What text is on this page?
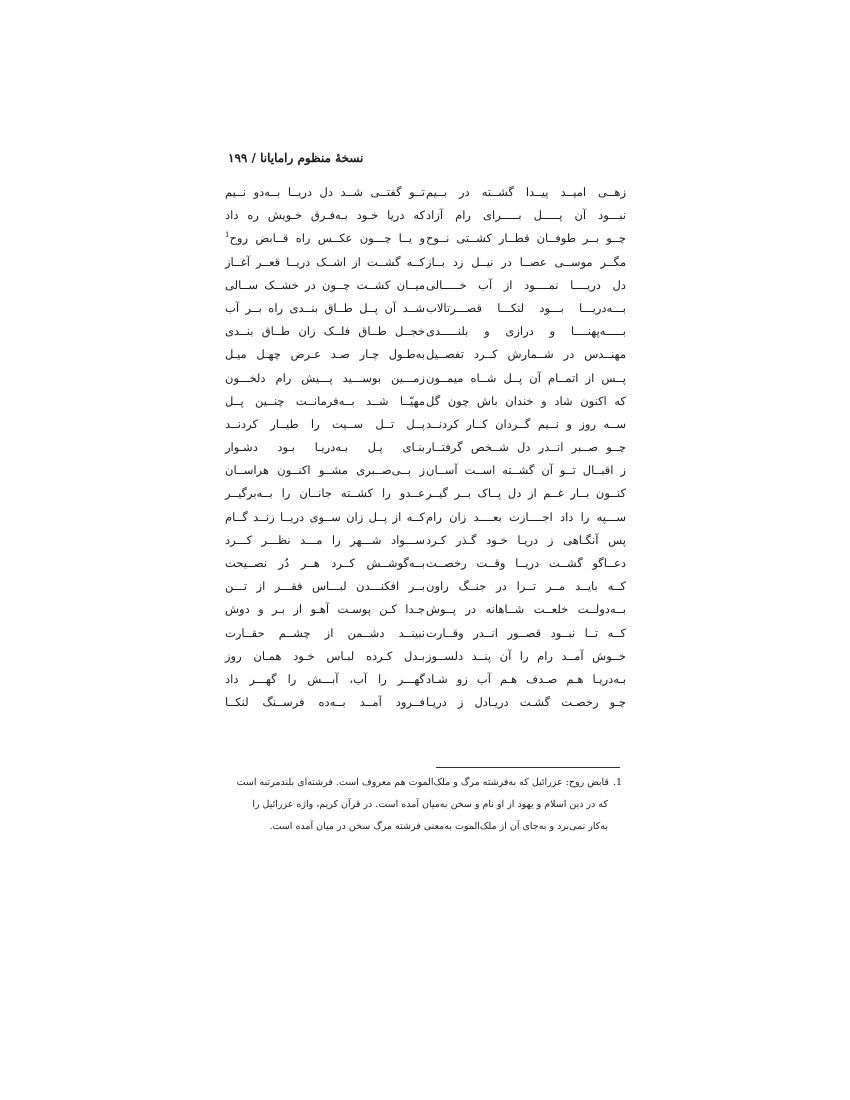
نسخهٔ منظوم رامایانا / ۱۹۹
زهــی امیــد پیــدا گشــته در بــیم
نبـــود آن پـــــل بـــــرای رام آزاد
چــو بــر طوفــان قطــار کشــتی نــوح
مگــر موســی عصــا در نیــل زد بــاز
دل دریــــا نمــــود از آب خـــــالی
بـــه‌دریـــا بـــود لنکـــا قصـــرتالاب
بـــــه‌پهنــــا و درازی و بلنـــــدی
مهنــدس در شــمارش کــرد تفصــیل
پــس از اتمــام آن پــل شــاه میمــون
که اکنون شاد و خندان باش چون گل
ســه روز و نــیم گــردان کــار کردنــد
چــو صــبر انــدر دل شــخص گرفتــار
ز اقبــال تــو آن گشــته اســت آســان
کنــون بــار غــم از دل پــاک بــر گیــر
ســـپه را داد اجــــازت بعــــد زان رام
پس آنگـاهی ز دریـا خـود گـذر کـرد
دعــاگو گشــت دریــا وقــت رخصــت
کــه بایــد مــر تــرا در جنــگ راون
بــه‌دولــت خلعــت شــاهانه در پــوش
کــه تــا نبــود قصــور انــدر وقــارت
خــوش آمــد رام را آن پنــد دلســوز
بـه‌دریـا هـم صـدف هـم آب زو شـاد
چـو رخصـت گشـت دریـادل ز دریـا
تــو گفتــی شــد دل دریــا بــه‌دو نــیم
که دریا خـود بـه‌فـرق خـویش ره داد
و یــا چـــون عکــس راه قــابض روح$^1$
کــه گشــت از اشــک دریــا قعــر آغــاز
میــان کشــت چــون در خشــک ســالی
شــد آن پــل طــاق بنــدی راه بــر آب
خجــل طــاق فلــک زان طــاق بنــدی
به‌طـول چـار صـد عـرض چهـل میـل
زمـــین بوســـید پـــیش رام دلخـــون
مهیّــا شــد بــه‌فرمانــت چنــین پــل
پــل تــل ســیت را طیــار کردنــد
بنـای پـل بـه‌دریـا بـود دشـوار
ز بــی‌صــبری مشــو اکنــون هراســان
عــدو را کشــته جانــان را بــه‌برگیــر
کــه از پــل زان ســوی دریــا زنــد گــام
ســـواد شـــهر را مـــد نظـــر کـــرد
بــه‌گوشــش کــرد هــر دُر نصــیحت
بــر افکنـــدن لبـــاس فقـــر از تـــن
جـدا کـن پوسـت آهـو از بـر و دوش
نبینــد دشــمن از چشــم حقــارت
بـدل کـرده لبـاس خـود همـان روز
گهـــر را آب، آبـــش را گهـــر داد
فــرود آمــد بــه‌ده فرســنگ لنکــا
1.قابض روح: عزرائیل که به‌فرشته مرگ و ملک‌الموت هم معروف است. فرشته‌ای بلندمرتبه است
که در دین اسلام و یهود از او نام و سخن به‌میان آمده است. در قرآن کریم، واژه عزرائیل را
به‌کار نمی‌برد و به‌جای آن از ملک‌الموت به‌معنی فرشته مرگ سخن در میان آمده است.
